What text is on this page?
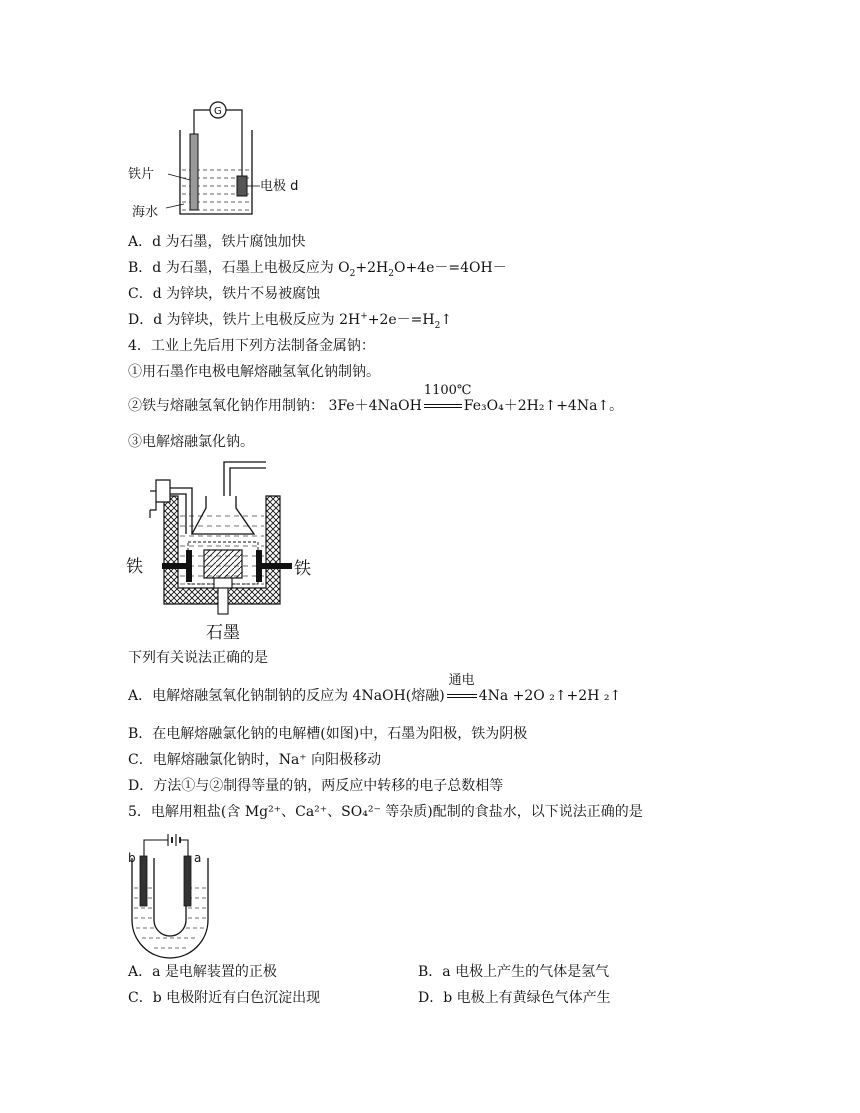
G
铁片
电极 d
海水
A．d 为石墨，铁片腐蚀加快
B．d 为石墨，石墨上电极反应为 $O_2+2H_2O+4e-=4OH-$
C．d 为锌块，铁片不易被腐蚀
D．d 为锌块，铁片上电极反应为 $2H^++2e-=H_2↑$
4．工业上先后用下列方法制备金属钠：
①用石墨作电极电解熔融氢氧化钠制钠。
②铁与熔融氢氧化钠作用制钠： 3Fe＋4NaOH
1100℃
Fe₃O₄＋2H₂↑+4Na↑。
③电解熔融氯化钠。
铁	铁
石墨
下列有关说法正确的是
A．电解熔融氢氧化钠制钠的反应为 4NaOH(熔融)
通电
4Na +2O ₂↑+2H ₂↑
B．在电解熔融氯化钠的电解槽(如图)中，石墨为阳极，铁为阴极
C．电解熔融氯化钠时，Na⁺ 向阳极移动
D．方法①与②制得等量的钠，两反应中转移的电子总数相等
5．电解用粗盐(含 Mg²⁺、Ca²⁺、SO₄²⁻ 等杂质)配制的食盐水，以下说法正确的是
b	a
A．a 是电解装置的正极	B．a 电极上产生的气体是氢气
C．b 电极附近有白色沉淀出现	D．b 电极上有黄绿色气体产生
